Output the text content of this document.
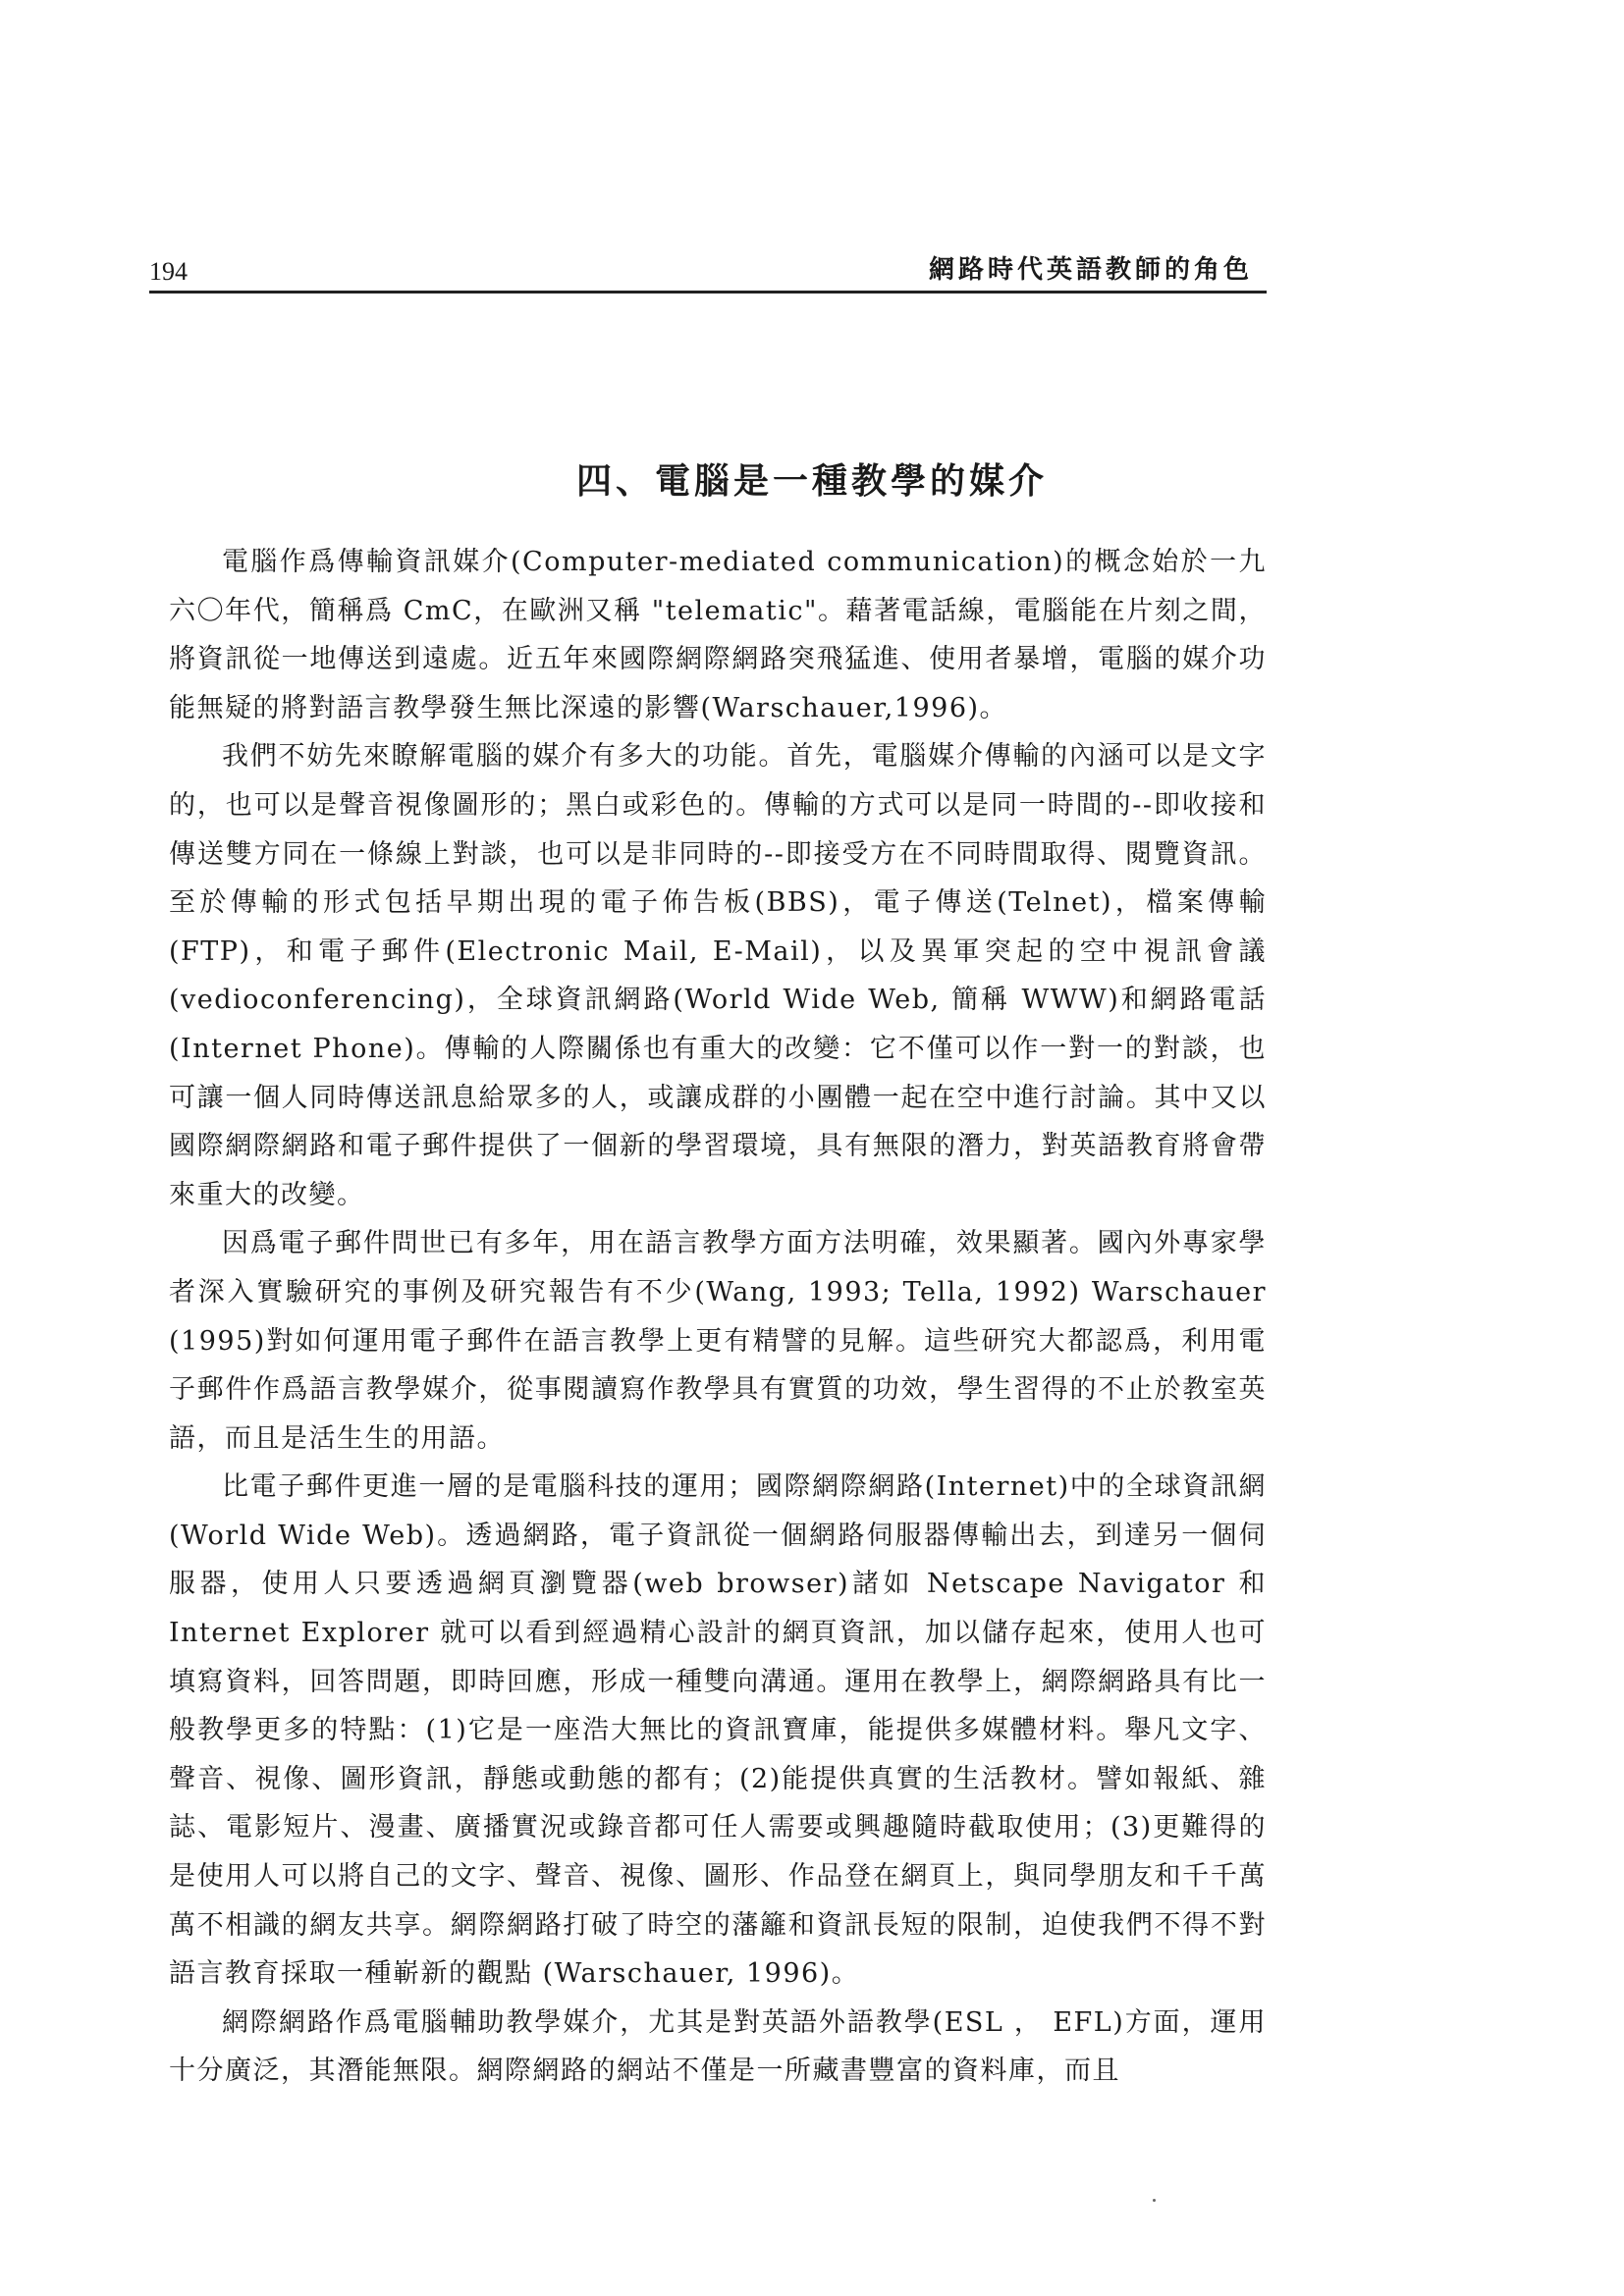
194	網路時代英語教師的角色
四、電腦是一種教學的媒介

電腦作爲傳輸資訊媒介(Computer-mediated communication)的概念始於一九六〇年代，簡稱爲 CmC，在歐洲又稱 "telematic"。藉著電話線，電腦能在片刻之間，將資訊從一地傳送到遠處。近五年來國際網際網路突飛猛進、使用者暴增，電腦的媒介功能無疑的將對語言教學發生無比深遠的影響(Warschauer,1996)。

我們不妨先來瞭解電腦的媒介有多大的功能。首先，電腦媒介傳輸的內涵可以是文字的，也可以是聲音視像圖形的；黑白或彩色的。傳輸的方式可以是同一時間的--即收接和傳送雙方同在一條線上對談，也可以是非同時的--即接受方在不同時間取得、閱覽資訊。至於傳輸的形式包括早期出現的電子佈告板(BBS)，電子傳送(Telnet)，檔案傳輸(FTP)，和電子郵件(Electronic Mail, E-Mail)，以及異軍突起的空中視訊會議(vedioconferencing)，全球資訊網路(World Wide Web, 簡稱 WWW)和網路電話(Internet Phone)。傳輸的人際關係也有重大的改變：它不僅可以作一對一的對談，也可讓一個人同時傳送訊息給眾多的人，或讓成群的小團體一起在空中進行討論。其中又以國際網際網路和電子郵件提供了一個新的學習環境，具有無限的潛力，對英語教育將會帶來重大的改變。

因爲電子郵件問世已有多年，用在語言教學方面方法明確，效果顯著。國內外專家學者深入實驗研究的事例及研究報告有不少(Wang, 1993; Tella, 1992) Warschauer (1995)對如何運用電子郵件在語言教學上更有精譬的見解。這些研究大都認爲，利用電子郵件作爲語言教學媒介，從事閱讀寫作教學具有實質的功效，學生習得的不止於教室英語，而且是活生生的用語。

比電子郵件更進一層的是電腦科技的運用；國際網際網路(Internet)中的全球資訊網 (World Wide Web)。透過網路，電子資訊從一個網路伺服器傳輸出去，到達另一個伺服器，使用人只要透過網頁瀏覽器(web browser)諸如 Netscape Navigator 和 Internet Explorer 就可以看到經過精心設計的網頁資訊，加以儲存起來，使用人也可填寫資料，回答問題，即時回應，形成一種雙向溝通。運用在教學上，網際網路具有比一般教學更多的特點：(1)它是一座浩大無比的資訊寶庫，能提供多媒體材料。舉凡文字、聲音、視像、圖形資訊，靜態或動態的都有；(2)能提供真實的生活教材。譬如報紙、雜誌、電影短片、漫畫、廣播實況或錄音都可任人需要或興趣隨時截取使用；(3)更難得的是使用人可以將自己的文字、聲音、視像、圖形、作品登在網頁上，與同學朋友和千千萬萬不相識的網友共享。網際網路打破了時空的藩籬和資訊長短的限制，迫使我們不得不對語言教育採取一種嶄新的觀點 (Warschauer, 1996)。

網際網路作爲電腦輔助教學媒介，尤其是對英語外語教學(ESL ， EFL)方面，運用十分廣泛，其潛能無限。網際網路的網站不僅是一所藏書豐富的資料庫，而且
